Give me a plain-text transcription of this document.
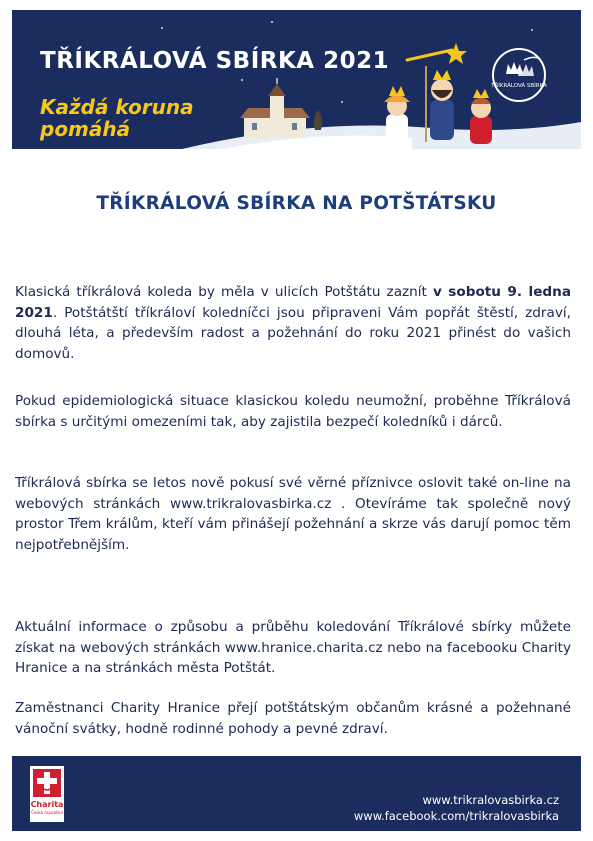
TŘÍKRÁLOVÁ SBÍRKA 2021
Každá koruna
pomáhá
TŘÍKRÁLOVÁ SBÍRKA
TŘÍKRÁLOVÁ SBÍRKA NA POTŠTÁTSKU

Klasická tříkrálová koleda by měla v ulicích Potštátu zaznít v sobotu 9. ledna 2021. Potštátští tříkráloví koledníčci jsou připraveni Vám popřát štěstí, zdraví, dlouhá léta, a především radost a požehnání do roku 2021 přinést do vašich domovů.

Pokud epidemiologická situace klasickou koledu neumožní, proběhne Tříkrálová sbírka s určitými omezeními tak, aby zajistila bezpečí koledníků i dárců.

Tříkrálová sbírka se letos nově pokusí své věrné příznivce oslovit také on-line na webových stránkách www.trikralovasbirka.cz . Otevíráme tak společně nový prostor Třem králům, kteří vám přinášejí požehnání a skrze vás darují pomoc těm nejpotřebnějším.

Aktuální informace o způsobu a průběhu koledování Tříkrálové sbírky můžete získat na webových stránkách www.hranice.charita.cz nebo na facebooku Charity Hranice a na stránkách města Potštát.

Zaměstnanci Charity Hranice přejí potštátským občanům krásné a požehnané vánoční svátky, hodně rodinné pohody a pevné zdraví.

Charita
Česká republika
www.trikralovasbirka.cz
www.facebook.com/trikralovasbirka
